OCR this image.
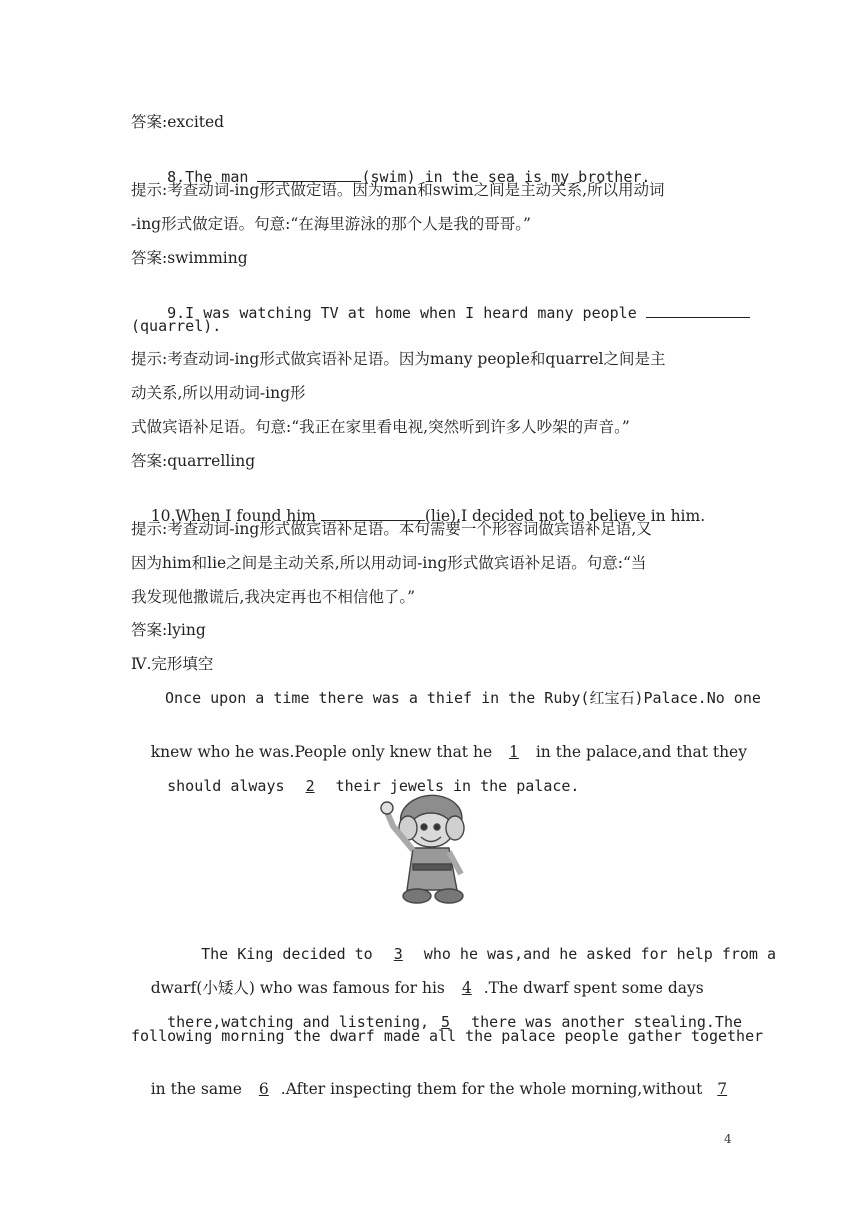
答案:excited

8.The man	(swim) in the sea is my brother.

提示:考查动词-ing形式做定语。因为man和swim之间是主动关系,所以用动词
-ing形式做定语。句意:“在海里游泳的那个人是我的哥哥。”
答案:swimming

9.I was watching TV at home when I heard many people

(quarrel).
提示:考查动词-ing形式做宾语补足语。因为many people和quarrel之间是主
动关系,所以用动词-ing形
式做宾语补足语。句意:“我正在家里看电视,突然听到许多人吵架的声音。”
答案:quarrelling

10.When I found him	(lie),I decided not to believe in him.

提示:考查动词-ing形式做宾语补足语。本句需要一个形容词做宾语补足语,又
因为him和lie之间是主动关系,所以用动词-ing形式做宾语补足语。句意:“当
我发现他撒谎后,我决定再也不相信他了。”
答案:lying
Ⅳ.完形填空
Once upon a time there was a thief in the Ruby(红宝石)Palace.No one

knew who he was.People only knew that he 1 in the palace,and that they

should always 2 their jewels in the palace.

The King decided to 3 who he was,and he asked for help from a

dwarf(小矮人) who was famous for his 4 .The dwarf spent some days

there,watching and listening, 5 there was another stealing.The

following morning the dwarf made all the palace people gather together

in the same 6 .After inspecting them for the whole morning,without 7

4
